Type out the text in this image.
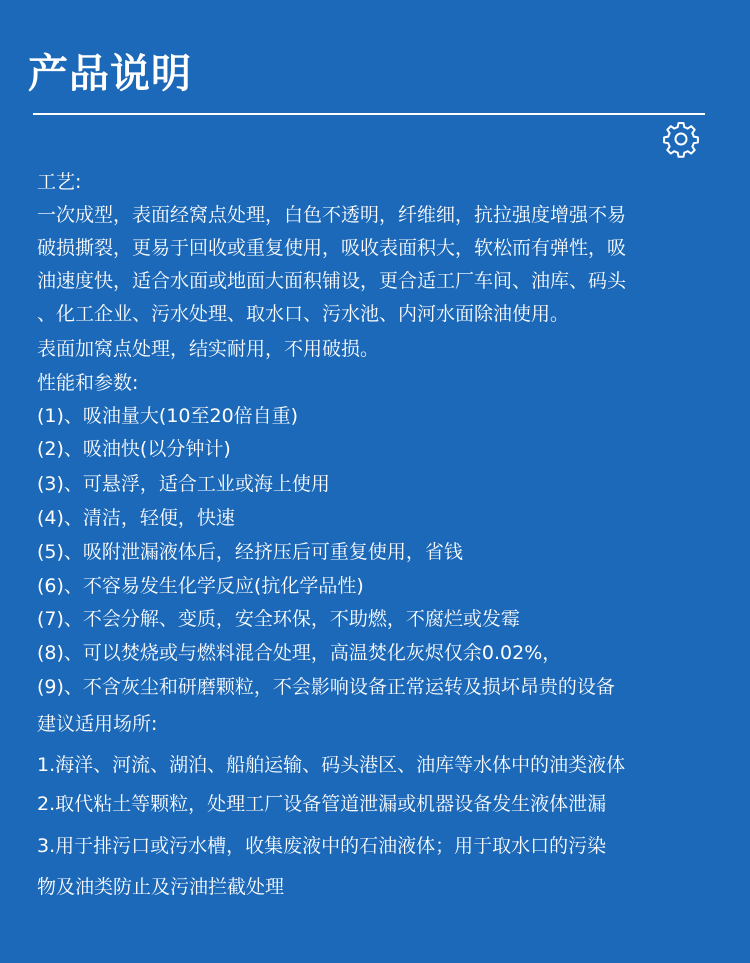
产品说明
工艺:
一次成型，表面经窝点处理，白色不透明，纤维细，抗拉强度增强不易
破损撕裂，更易于回收或重复使用，吸收表面积大，软松而有弹性，吸
油速度快，适合水面或地面大面积铺设，更合适工厂车间、油库、码头
、化工企业、污水处理、取水口、污水池、内河水面除油使用。
表面加窝点处理，结实耐用，不用破损。
性能和参数:
(1)、吸油量大(10至20倍自重)
(2)、吸油快(以分钟计)
(3)、可悬浮，适合工业或海上使用
(4)、清洁，轻便，快速
(5)、吸附泄漏液体后，经挤压后可重复使用，省钱
(6)、不容易发生化学反应(抗化学品性)
(7)、不会分解、变质，安全环保，不助燃，不腐烂或发霉
(8)、可以焚烧或与燃料混合处理，高温焚化灰烬仅余0.02%，
(9)、不含灰尘和研磨颗粒，不会影响设备正常运转及损坏昂贵的设备
建议适用场所:
1.海洋、河流、湖泊、船舶运输、码头港区、油库等水体中的油类液体
2.取代粘土等颗粒，处理工厂设备管道泄漏或机器设备发生液体泄漏
3.用于排污口或污水槽，收集废液中的石油液体；用于取水口的污染
物及油类防止及污油拦截处理
